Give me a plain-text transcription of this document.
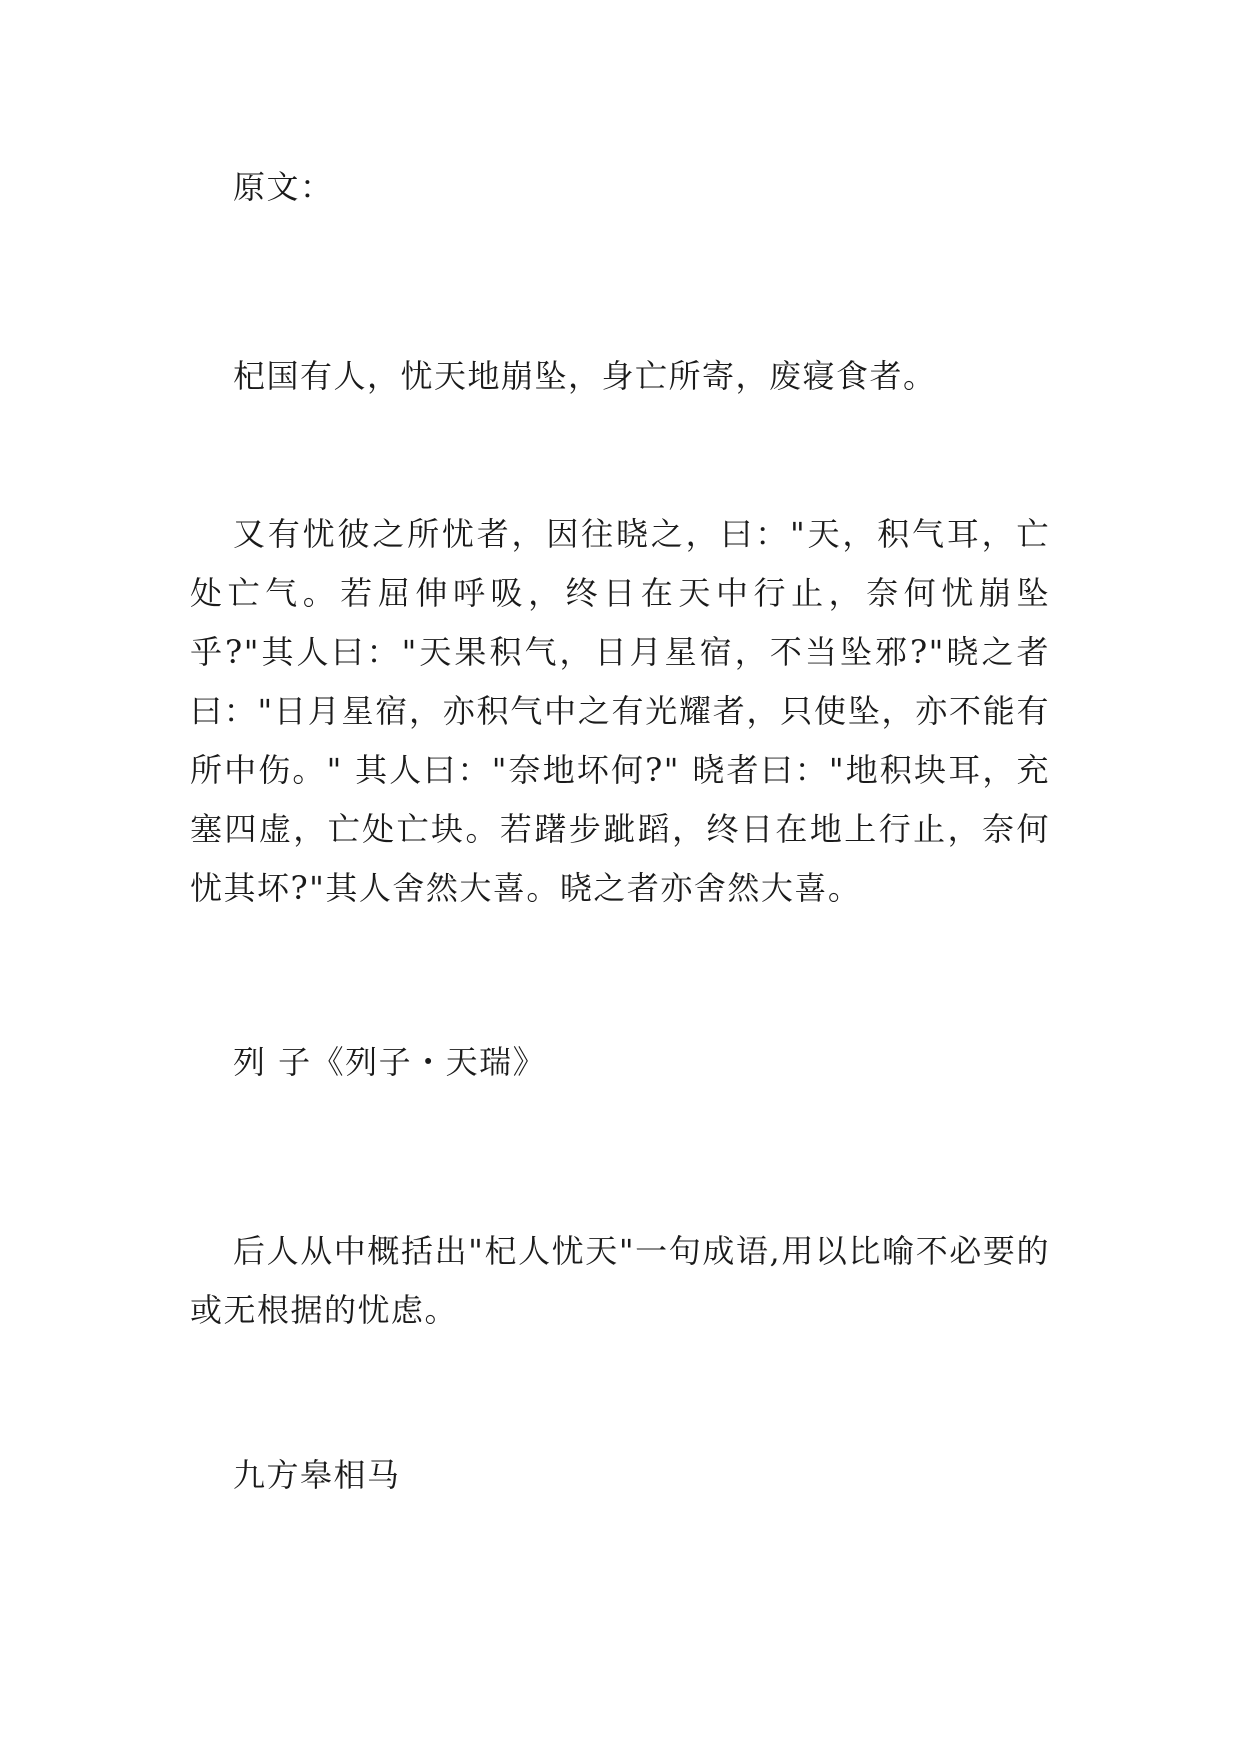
原文：

杞国有人，忧天地崩坠，身亡所寄，废寝食者。

又有忧彼之所忧者，因往晓之，曰："天，积气耳，亡处亡气。若屈伸呼吸，终日在天中行止，奈何忧崩坠乎?"其人曰："天果积气，日月星宿，不当坠邪?"晓之者曰："日月星宿，亦积气中之有光耀者，只使坠，亦不能有所中伤。" 其人曰："奈地坏何?" 晓者曰："地积块耳，充塞四虚，亡处亡块。若躇步跐蹈，终日在地上行止，奈何忧其坏?"其人舍然大喜。晓之者亦舍然大喜。

列 子《列子・天瑞》

后人从中概括出"杞人忧天"一句成语,用以比喻不必要的或无根据的忧虑。

九方皋相马
